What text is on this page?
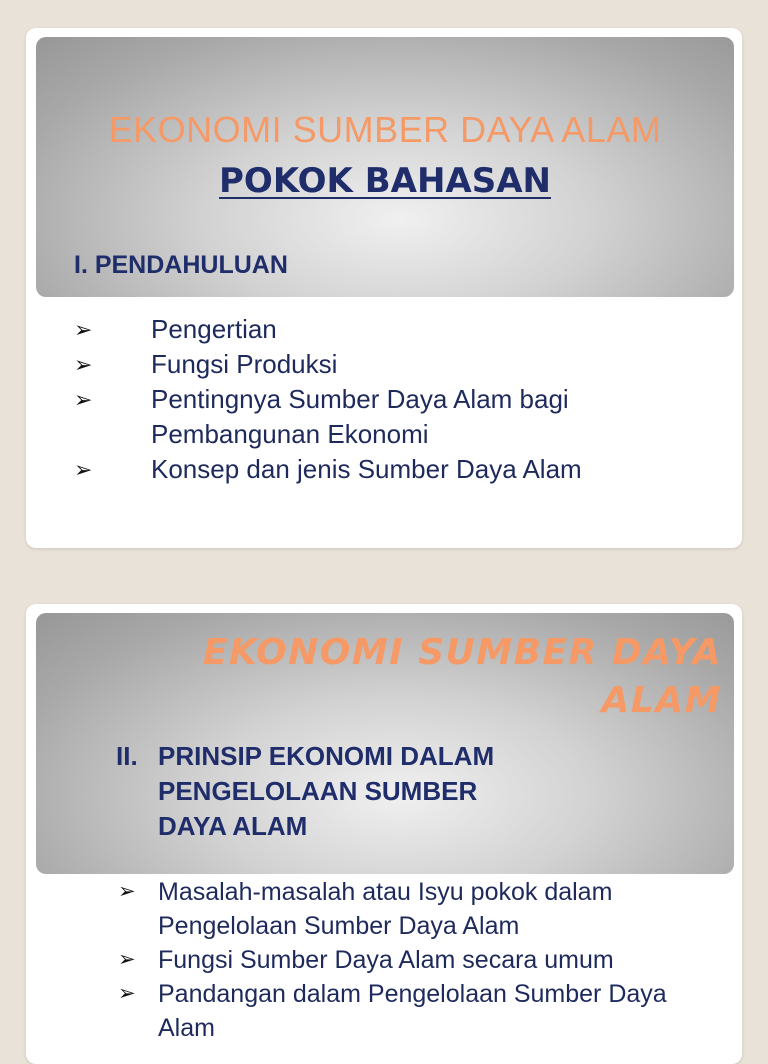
EKONOMI SUMBER DAYA ALAM
POKOK BAHASAN
I. PENDAHULUAN
➢ Pengertian
➢ Fungsi Produksi
➢ Pentingnya Sumber Daya Alam bagi Pembangunan Ekonomi
➢ Konsep dan jenis Sumber Daya Alam
EKONOMI SUMBER DAYA
ALAM
II. PRINSIP EKONOMI DALAM
PENGELOLAAN SUMBER
DAYA ALAM
➢ Masalah-masalah atau Isyu pokok dalam Pengelolaan Sumber Daya Alam
➢ Fungsi Sumber Daya Alam secara umum
➢ Pandangan dalam Pengelolaan Sumber Daya Alam
